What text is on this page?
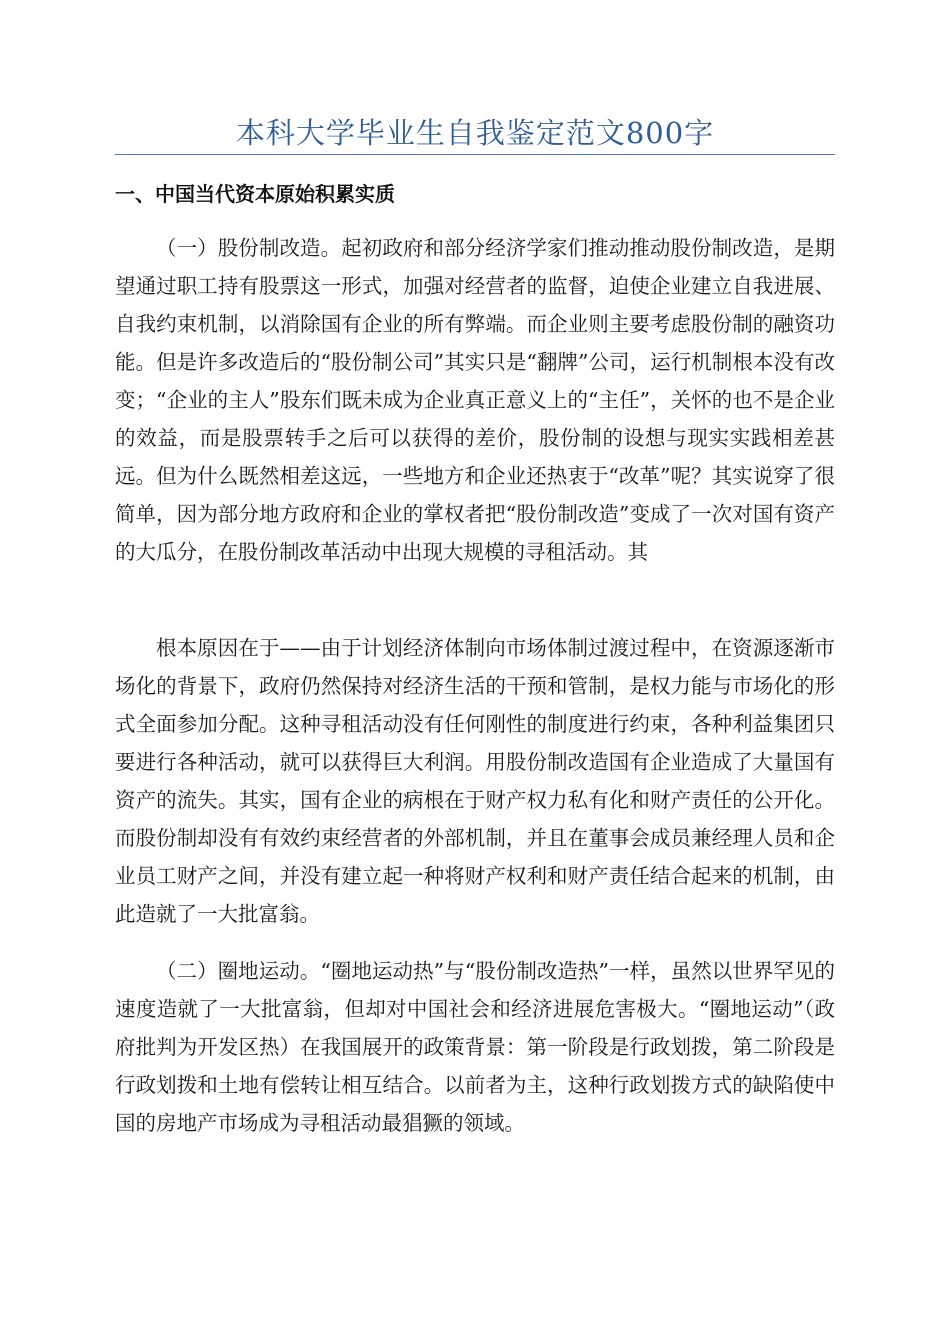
本科大学毕业生自我鉴定范文800字
一、中国当代资本原始积累实质

（一）股份制改造。起初政府和部分经济学家们推动推动股份制改造，是期望通过职工持有股票这一形式，加强对经营者的监督，迫使企业建立自我进展、自我约束机制，以消除国有企业的所有弊端。而企业则主要考虑股份制的融资功能。但是许多改造后的“股份制公司”其实只是“翻牌”公司，运行机制根本没有改变；“企业的主人”股东们既未成为企业真正意义上的“主任”，关怀的也不是企业的效益，而是股票转手之后可以获得的差价，股份制的设想与现实实践相差甚远。但为什么既然相差这远，一些地方和企业还热衷于“改革”呢？其实说穿了很简单，因为部分地方政府和企业的掌权者把“股份制改造”变成了一次对国有资产的大瓜分，在股份制改革活动中出现大规模的寻租活动。其

根本原因在于——由于计划经济体制向市场体制过渡过程中，在资源逐渐市场化的背景下，政府仍然保持对经济生活的干预和管制，是权力能与市场化的形式全面参加分配。这种寻租活动没有任何刚性的制度进行约束，各种利益集团只要进行各种活动，就可以获得巨大利润。用股份制改造国有企业造成了大量国有资产的流失。其实，国有企业的病根在于财产权力私有化和财产责任的公开化。而股份制却没有有效约束经营者的外部机制，并且在董事会成员兼经理人员和企业员工财产之间，并没有建立起一种将财产权利和财产责任结合起来的机制，由此造就了一大批富翁。

（二）圈地运动。“圈地运动热”与“股份制改造热”一样，虽然以世界罕见的速度造就了一大批富翁，但却对中国社会和经济进展危害极大。“圈地运动”（政府批判为开发区热）在我国展开的政策背景：第一阶段是行政划拨，第二阶段是行政划拨和土地有偿转让相互结合。以前者为主，这种行政划拨方式的缺陷使中国的房地产市场成为寻租活动最猖獗的领域。
